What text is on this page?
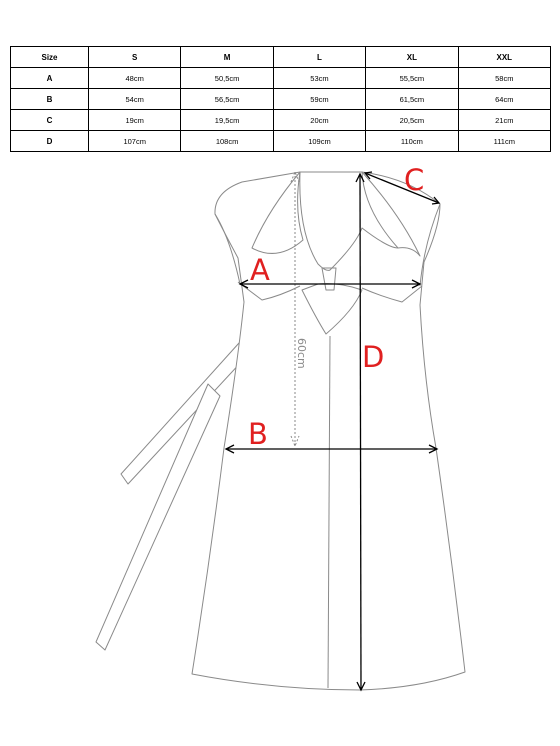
Size	S	M	L	XL	XXL
A	48cm	50,5cm	53cm	55,5cm	58cm
B	54cm	56,5cm	59cm	61,5cm	64cm
C	19cm	19,5cm	20cm	20,5cm	21cm
D	107cm	108cm	109cm	110cm	111cm
60cm
A
B
C
D
